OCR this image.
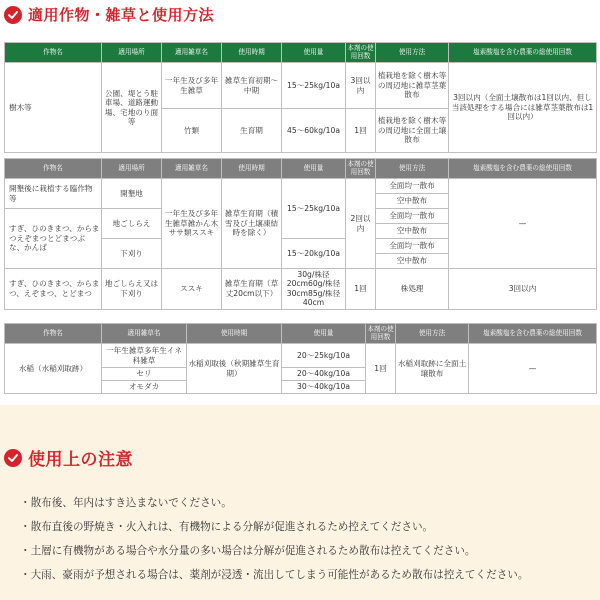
適用作物・雑草と使用方法
作物名	適用場所	適用雑草名	使用時期	使用量	本剤の使用回数	使用方法	塩素酸塩を含む農薬の総使用回数
樹木等	公園、堤とう駐車場、道路運動場、宅地のり面等	一年生及び多年生雑草	雑草生育初期～中期	15～25kg/10a	3回以内	植栽地を除く樹木等の周辺地に雑草茎葉散布	3回以内（全面土壌散布は1回以内、但し当該処理をする場合には雑草茎葉散布は1回以内）
		竹類	生育期	45～60kg/10a	1回	植栽地を除く樹木等の周辺地に全面土壌散布	
作物名	適用場所	適用雑草名	使用時期	使用量	本剤の使用回数	使用方法	塩素酸塩を含む農薬の総使用回数
開墾後に栽植する臨作物等	開墾地	一年生及び多年生雑草雑かん木ササ類ススキ	雑草生育期（積雪及び土壌凍結時を除く）	15～25kg/10a	2回以内	全面均一散布	—
						空中散布	
すぎ、ひのきまつ、からまつえぞまつとどまつぶな、かんば	地ごしらえ					全面均一散布	
						空中散布	
	下刈り			15～20kg/10a		全面均一散布	
						空中散布	
すぎ、ひのきまつ、からまつ、えぞまつ、とどまつ	地ごしらえ又は下刈り	ススキ	雑草生育期（草丈20cm以下）	30g/株径20cm60g/株径30cm85g/株径40cm	1回	株処理	3回以内
作物名	適用雑草名	使用時期	使用量	本剤の使用回数	使用方法	塩素酸塩を含む農薬の総使用回数
水稲（水稲刈取跡）	一年生雑草多年生イネ科雑草	水稲刈取後（秋期雑草生育期）	20～25kg/10a	1回	水稲刈取跡に全面土壌散布	—
	セリ		20～40kg/10a			
	オモダカ		30～40kg/10a			
使用上の注意
・散布後、年内はすき込まないでください。
・散布直後の野焼き・火入れは、有機物による分解が促進されるため控えてください。
・土層に有機物がある場合や水分量の多い場合は分解が促進されるため散布は控えてください。
・大雨、豪雨が予想される場合は、薬剤が浸透・流出してしまう可能性があるため散布は控えてください。
